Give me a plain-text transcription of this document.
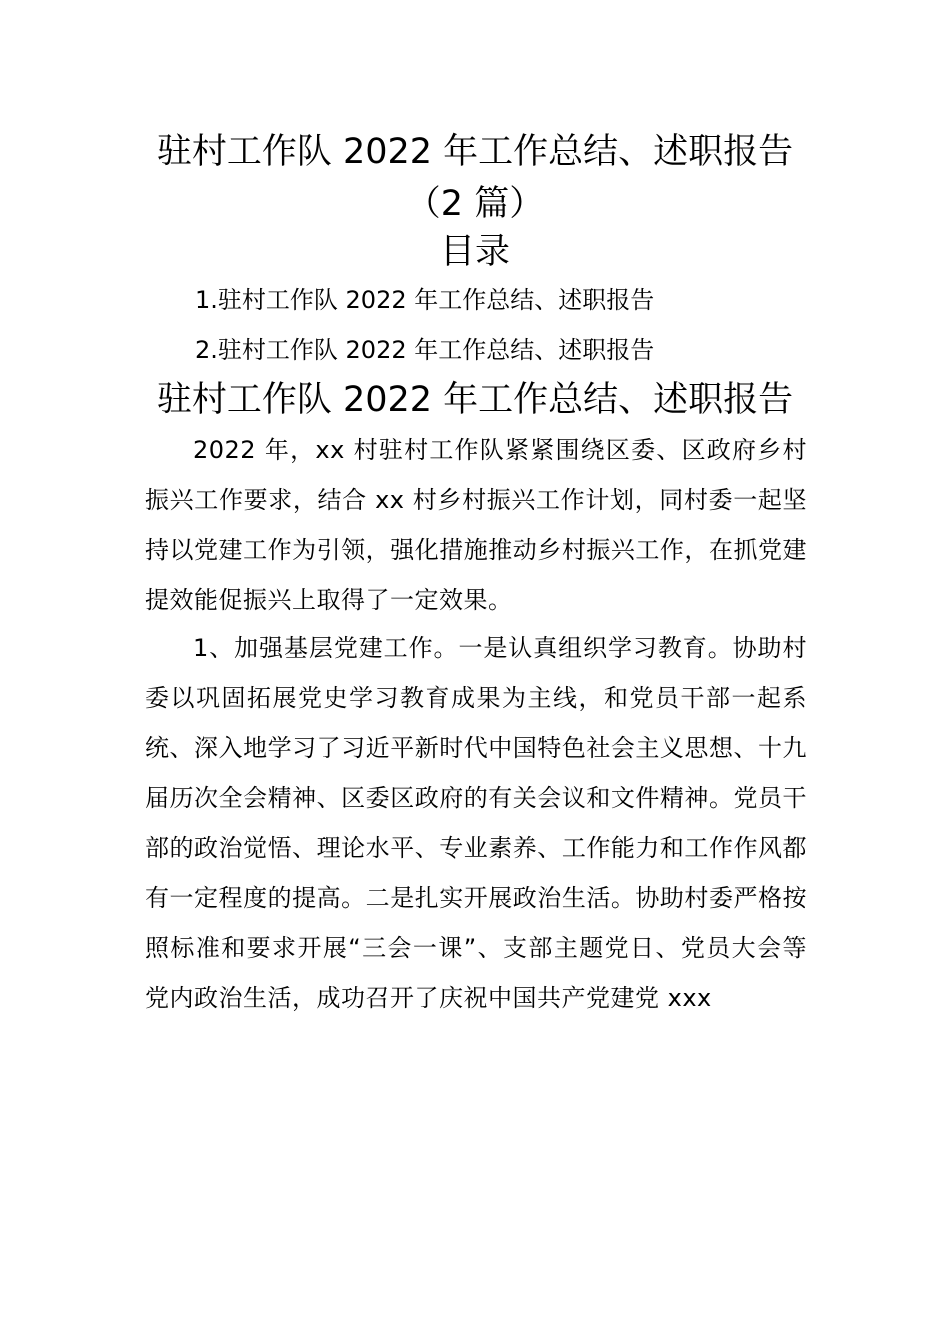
驻村工作队 2022 年工作总结、述职报告
（2 篇）
目录

1.驻村工作队 2022 年工作总结、述职报告

2.驻村工作队 2022 年工作总结、述职报告

驻村工作队 2022 年工作总结、述职报告

2022 年，xx 村驻村工作队紧紧围绕区委、区政府乡村振兴工作要求，结合 xx 村乡村振兴工作计划，同村委一起坚持以党建工作为引领，强化措施推动乡村振兴工作，在抓党建提效能促振兴上取得了一定效果。

1、加强基层党建工作。一是认真组织学习教育。协助村委以巩固拓展党史学习教育成果为主线，和党员干部一起系统、深入地学习了习近平新时代中国特色社会主义思想、十九届历次全会精神、区委区政府的有关会议和文件精神。党员干部的政治觉悟、理论水平、专业素养、工作能力和工作作风都有一定程度的提高。二是扎实开展政治生活。协助村委严格按照标准和要求开展“三会一课”、支部主题党日、党员大会等党内政治生活，成功召开了庆祝中国共产党建党 xxx
